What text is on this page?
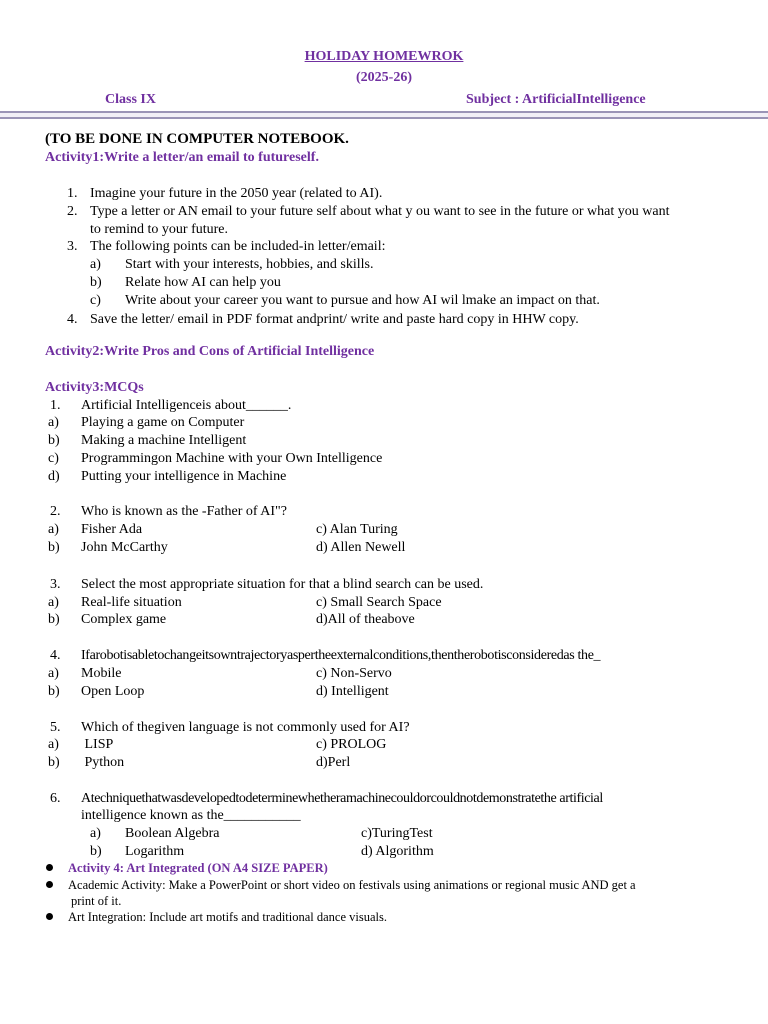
HOLIDAY HOMEWROK
(2025-26)
Class IX	Subject : ArtificialIntelligence
(TO BE DONE IN COMPUTER NOTEBOOK.
Activity1:Write a letter/an email to futureself.
1. Imagine your future in the 2050 year (related to AI).
2. Type a letter or AN email to your future self about what y ou want to see in the future or what you want
to remind to your future.
3. The following points can be included-in letter/email:
a) Start with your interests, hobbies, and skills.
b) Relate how AI can help you
c) Write about your career you want to pursue and how AI wil lmake an impact on that.
4. Save the letter/ email in PDF format andprint/ write and paste hard copy in HHW copy.
Activity2:Write Pros and Cons of Artificial Intelligence
Activity3:MCQs
1. Artificial Intelligenceis about______.
a) Playing a game on Computer
b) Making a machine Intelligent
c) Programmingon Machine with your Own Intelligence
d) Putting your intelligence in Machine
2. Who is known as the -Father of AI"?
a) Fisher Ada	c) Alan Turing
b) John McCarthy	d) Allen Newell
3. Select the most appropriate situation for that a blind search can be used.
a) Real-life situation	c) Small Search Space
b) Complex game	d)All of theabove
4. Ifarobotisabletochangeitsowntrajectoryaspertheexternalconditions,thentherobotisconsideredas the_
a) Mobile	c) Non-Servo
b) Open Loop	d) Intelligent
5. Which of thegiven language is not commonly used for AI?
a) LISP	c) PROLOG
b) Python	d)Perl
6. Atechniquethatwasdevelopedtodeterminewhetheramachinecouldorcouldnotdemonstratethe artificial
intelligence known as the___________
a) Boolean Algebra	c)TuringTest
b) Logarithm	d) Algorithm
Activity 4: Art Integrated (ON A4 SIZE PAPER)
Academic Activity: Make a PowerPoint or short video on festivals using animations or regional music AND get a
print of it.
Art Integration: Include art motifs and traditional dance visuals.
